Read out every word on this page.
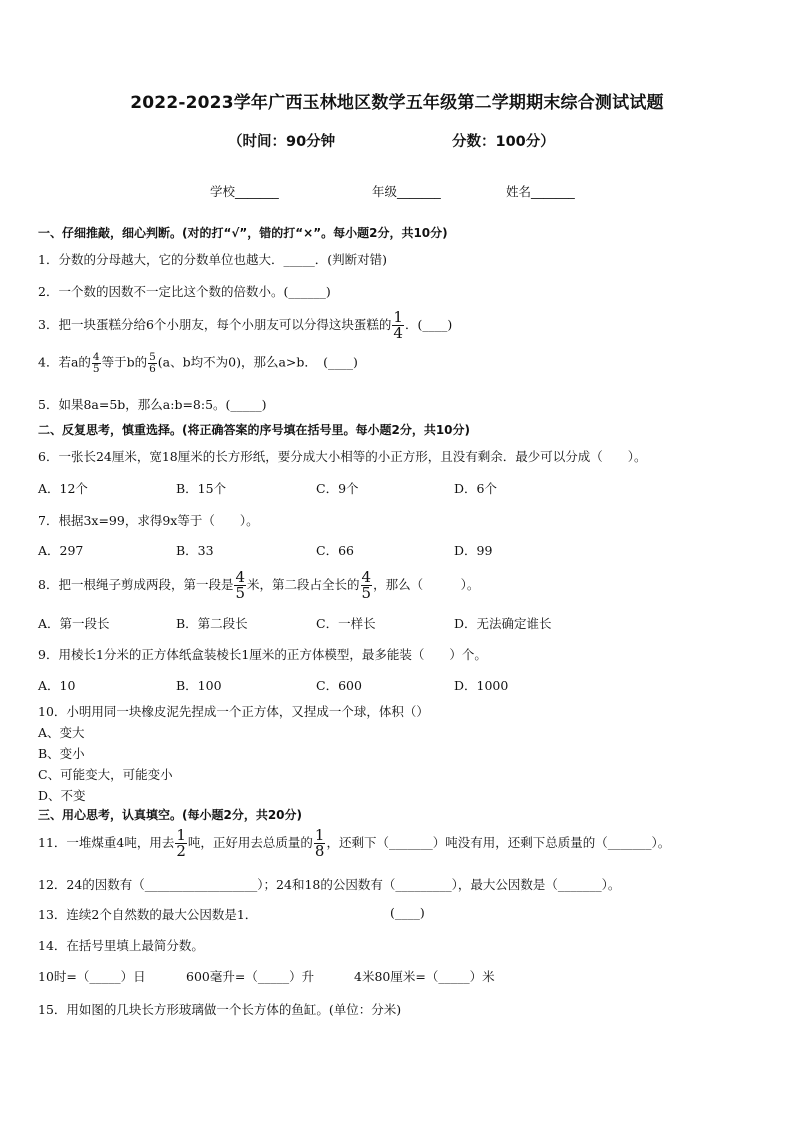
2022-2023学年广西玉林地区数学五年级第二学期期末综合测试试题
（时间：90分钟	分数：100分）
学校_______	年级_______	姓名_______
一、仔细推敲，细心判断。(对的打“√”，错的打“×”。每小题2分，共10分)
1．分数的分母越大，它的分数单位也越大．_____．(判断对错)
2．一个数的因数不一定比这个数的倍数小。(______)
3．把一块蛋糕分给6个小朋友，每个小朋友可以分得这块蛋糕的 $\frac{1}{4}$ ．(____)
4．若a的 $\frac{4}{5}$ 等于b的 $\frac{5}{6} (a$、b均不为0)，那么a>b．　(____)
5．如果8a=5b，那么a:b=8:5。(_____)
二、反复思考，慎重选择。(将正确答案的序号填在括号里。每小题2分，共10分)
6．一张长24厘米，宽18厘米的长方形纸，要分成大小相等的小正方形，且没有剩余．最少可以分成（　　）。
A．12个	B．15个	C．9个	D．6个
7．根据3x=99，求得9x等于（　　）。
A．297	B．33	C．66	D．99
8．把一根绳子剪成两段，第一段是 $\frac{4}{5}$ 米，第二段占全长的 $\frac{4}{5}$ ，那么（　　　）。
A．第一段长	B．第二段长	C．一样长	D．无法确定谁长
9．用棱长1分米的正方体纸盒装棱长1厘米的正方体模型，最多能装（　　）个。
A．10	B．100	C．600	D．1000
10．小明用同一块橡皮泥先捏成一个正方体，又捏成一个球，体积（）
A、变大
B、变小
C、可能变大，可能变小
D、不变
三、用心思考，认真填空。(每小题2分，共20分)
11．一堆煤重4吨，用去 $\frac{1}{2}$ 吨，正好用去总质量的 $\frac{1}{8}$ ，还剩下（_______）吨没有用，还剩下总质量的（_______）。
12．24的因数有（__________________）；24和18的公因数有（_________），最大公因数是（_______）。
13．连续2个自然数的最大公因数是1．	(____)
14．在括号里填上最简分数。
10时=（_____）日	600毫升=（_____）升	4米80厘米=（_____）米
15．用如图的几块长方形玻璃做一个长方体的鱼缸。(单位：分米)
